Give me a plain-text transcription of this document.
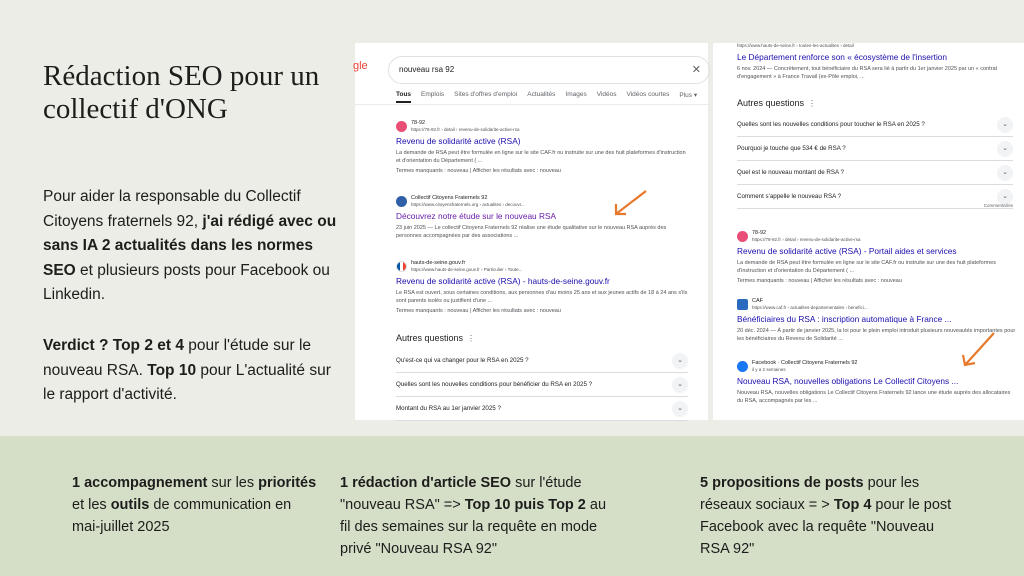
Rédaction SEO pour un collectif d'ONG
Pour aider la responsable du Collectif Citoyens fraternels 92, j'ai rédigé avec ou sans IA 2 actualités dans les normes SEO et plusieurs posts pour Facebook ou Linkedin.
Verdict ? Top 2 et 4 pour l'étude sur le nouveau RSA. Top 10 pour L'actualité sur le rapport d'activité.
gle	nouveau rsa 92	✕
Tous Emplois Sites d'offres d'emploi Actualités Images Vidéos Vidéos courtes Plus ▾
78-92
https://78-92.fr › detail › revenu-de-solidarite-active-rsa
Revenu de solidarité active (RSA)
La demande de RSA peut être formulée en ligne sur le site CAF.fr ou instruite sur une des huit plateformes d'instruction et d'orientation du Département ( ...
Termes manquants : nouveau | Afficher les résultats avec : nouveau
Collectif Citoyens Fraternels 92
https://www.citoyensfraternels.org › actualites › decouvr...
Découvrez notre étude sur le nouveau RSA
23 juin 2025 — Le collectif Citoyens Fraternels 92 réalise une étude qualitative sur le nouveau RSA auprès des personnes accompagnées par des associations ...
hauts-de-seine.gouv.fr
https://www.hauts-de-seine.gouv.fr › Particulier › Toute...
Revenu de solidarité active (RSA) - hauts-de-seine.gouv.fr
Le RSA est ouvert, sous certaines conditions, aux personnes d'au moins 25 ans et aux jeunes actifs de 18 à 24 ans s'ils sont parents isolés ou justifient d'une ...
Termes manquants : nouveau | Afficher les résultats avec : nouveau
Autres questions ⋮
Qu'est-ce qui va changer pour le RSA en 2025 ?	⌄
Quelles sont les nouvelles conditions pour bénéficier du RSA en 2025 ?	⌄
Montant du RSA au 1er janvier 2025 ?	⌄
https://www.hauts-de-seine.fr › toutes-les-actualites › detail
Le Département renforce son « écosystème de l'insertion
6 nov. 2024 — Concrètement, tout bénéficiaire du RSA sera lié à partir du 1er janvier 2025 par un « contrat d'engagement » à France Travail (ex-Pôle emploi, ...
Autres questions ⋮
Quelles sont les nouvelles conditions pour toucher le RSA en 2025 ?	⌄
Pourquoi je touche que 534 € de RSA ?	⌄
Quel est le nouveau montant de RSA ?	⌄
Comment s'appelle le nouveau RSA ?	⌄
Commentaires
78-92
https://78-92.fr › detail › revenu-de-solidarite-active-rsa
Revenu de solidarité active (RSA) - Portail aides et services
La demande de RSA peut être formulée en ligne sur le site CAF.fr ou instruite sur une des huit plateformes d'instruction et d'orientation du Département ( ...
Termes manquants : nouveau | Afficher les résultats avec : nouveau
CAF
https://www.caf.fr › actualites-departementales › benefici...
Bénéficiaires du RSA : inscription automatique à France ...
20 déc. 2024 — À partir de janvier 2025, la loi pour le plein emploi introduit plusieurs nouveautés importantes pour les bénéficiaires du Revenu de Solidarité ...
Facebook · Collectif Citoyens Fraternels 92
il y a 2 semaines
Nouveau RSA, nouvelles obligations Le Collectif Citoyens ...
Nouveau RSA, nouvelles obligations Le Collectif Citoyens Fraternels 92 lance une étude auprès des allocataires du RSA, accompagnés par les ...
1 accompagnement sur les priorités et les outils de communication en mai-juillet 2025
1 rédaction d'article SEO sur l'étude "nouveau RSA" => Top 10 puis Top 2 au fil des semaines sur la requête en mode privé "Nouveau RSA 92"
5 propositions de posts pour les réseaux sociaux = > Top 4 pour le post Facebook avec la requête "Nouveau RSA 92"
